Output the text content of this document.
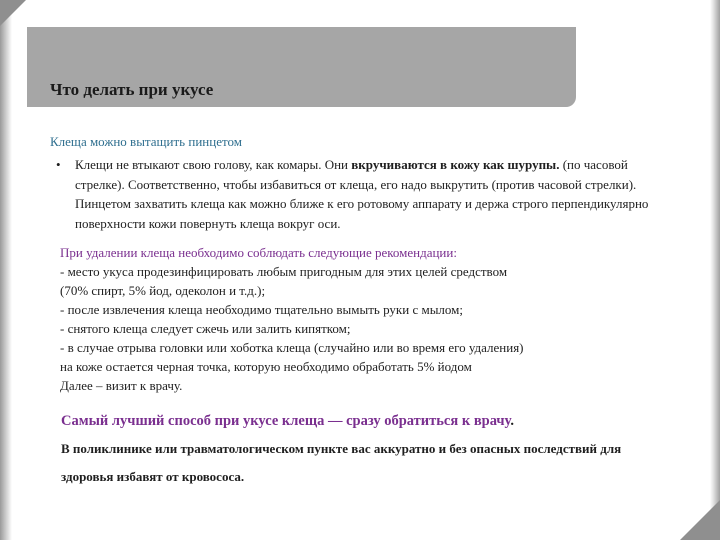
Что делать при укусе
Клеща можно вытащить пинцетом
• Клещи не втыкают свою голову, как комары. Они вкручиваются в кожу как шурупы. (по часовой стрелке). Соответственно, чтобы избавиться от клеща, его надо выкрутить (против часовой стрелки). Пинцетом захватить клеща как можно ближе к его ротовому аппарату и держа строго перпендикулярно поверхности кожи повернуть клеща вокруг оси.
При удалении клеща необходимо соблюдать следующие рекомендации:
- место укуса продезинфицировать любым пригодным для этих целей средством
(70% спирт, 5% йод, одеколон и т.д.);
- после извлечения клеща необходимо тщательно вымыть руки с мылом;
- снятого клеща следует сжечь или залить кипятком;
- в случае отрыва головки или хоботка клеща (случайно или во время его удаления)
на коже остается черная точка, которую необходимо обработать 5% йодом
Далее – визит к врачу.
Самый лучший способ при укусе клеща — сразу обратиться к врачу.
В поликлинике или травматологическом пункте вас аккуратно и без опасных последствий для здоровья избавят от кровососа.
